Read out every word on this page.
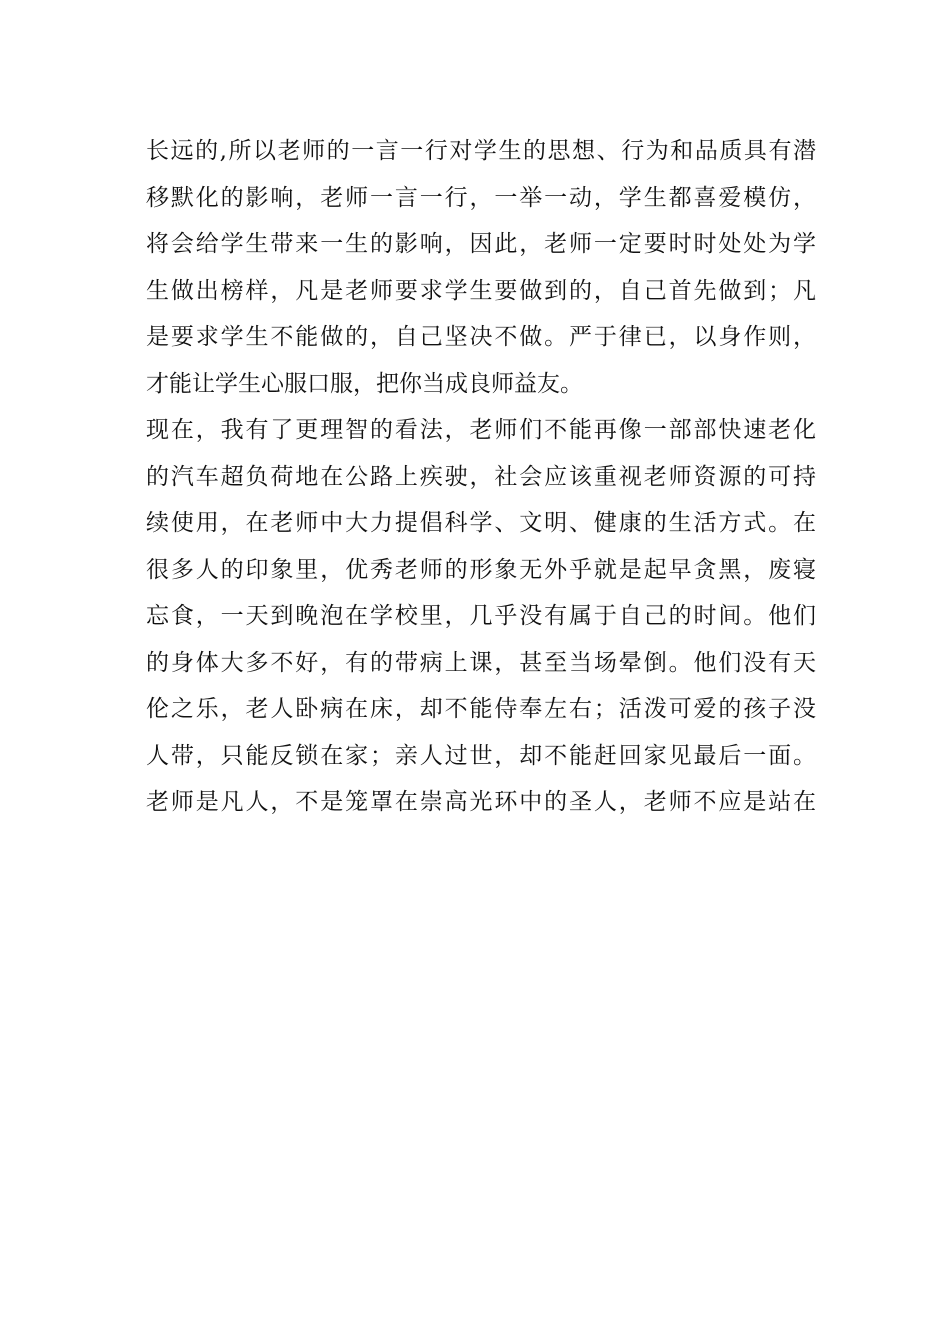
长远的,所以老师的一言一行对学生的思想、行为和品质具有潜
移默化的影响，老师一言一行，一举一动，学生都喜爱模仿，
将会给学生带来一生的影响，因此，老师一定要时时处处为学
生做出榜样，凡是老师要求学生要做到的，自己首先做到；凡
是要求学生不能做的，自己坚决不做。严于律已，以身作则，
才能让学生心服口服，把你当成良师益友。
现在，我有了更理智的看法，老师们不能再像一部部快速老化
的汽车超负荷地在公路上疾驶，社会应该重视老师资源的可持
续使用，在老师中大力提倡科学、文明、健康的生活方式。在
很多人的印象里，优秀老师的形象无外乎就是起早贪黑，废寝
忘食，一天到晚泡在学校里，几乎没有属于自己的时间。他们
的身体大多不好，有的带病上课，甚至当场晕倒。他们没有天
伦之乐，老人卧病在床，却不能侍奉左右；活泼可爱的孩子没
人带，只能反锁在家；亲人过世，却不能赶回家见最后一面。
老师是凡人，不是笼罩在崇高光环中的圣人，老师不应是站在
